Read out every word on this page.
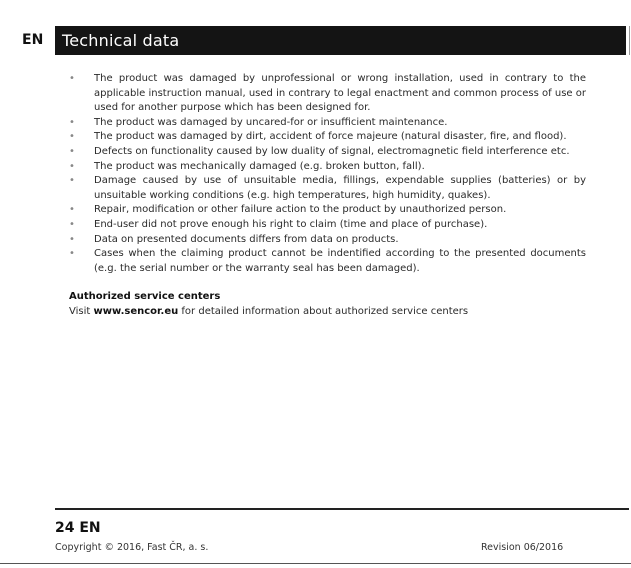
EN	Technical data
• The product was damaged by unprofessional or wrong installation, used in contrary to the applicable instruction manual, used in contrary to legal enactment and common process of use or used for another purpose which has been designed for.
• The product was damaged by uncared-for or insufficient maintenance.
• The product was damaged by dirt, accident of force majeure (natural disaster, fire, and flood).
• Defects on functionality caused by low duality of signal, electromagnetic field interference etc.
• The product was mechanically damaged (e.g. broken button, fall).
• Damage caused by use of unsuitable media, fillings, expendable supplies (batteries) or by unsuitable working conditions (e.g. high temperatures, high humidity, quakes).
• Repair, modification or other failure action to the product by unauthorized person.
• End-user did not prove enough his right to claim (time and place of purchase).
• Data on presented documents differs from data on products.
• Cases when the claiming product cannot be indentified according to the presented documents (e.g. the serial number or the warranty seal has been damaged).
Authorized service centers
Visit www.sencor.eu for detailed information about authorized service centers
24 EN
Copyright © 2016, Fast ČR, a. s.	Revision 06/2016
